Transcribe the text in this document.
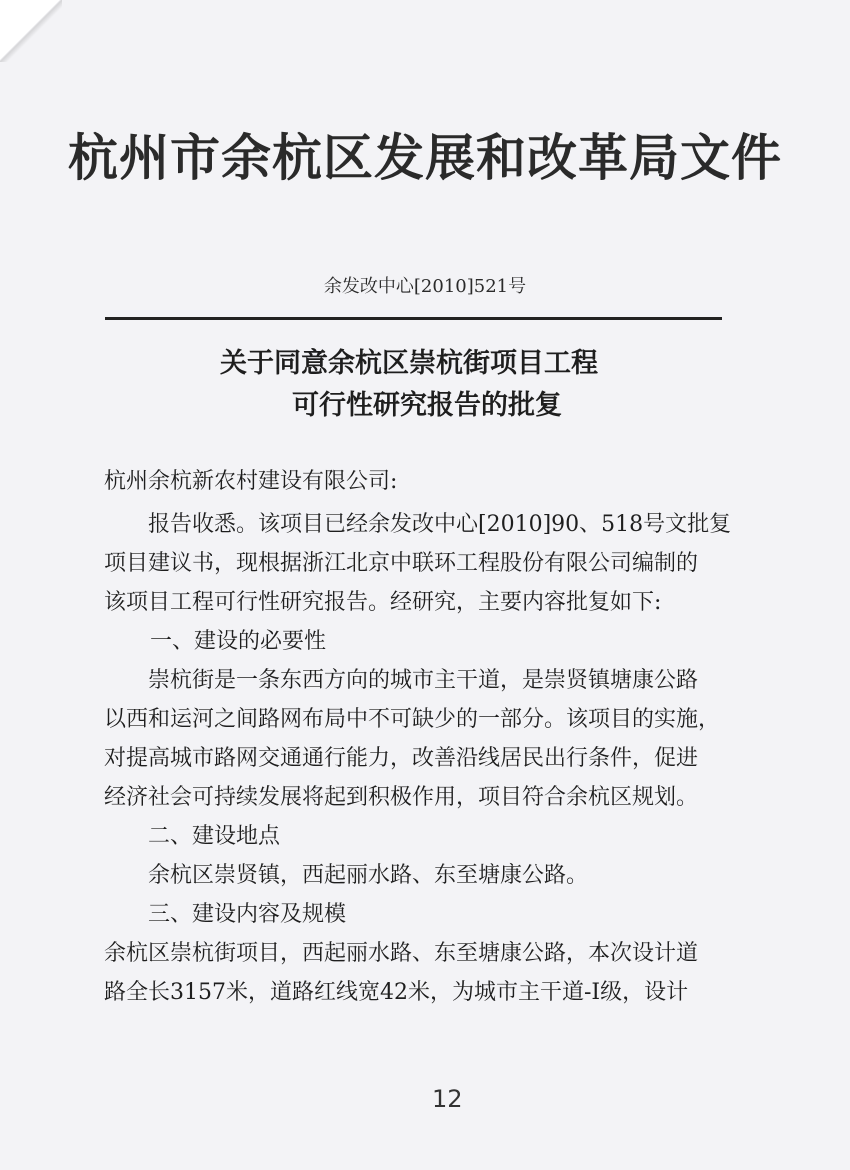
杭州市余杭区发展和改革局文件
余发改中心[2010]521号
关于同意余杭区崇杭街项目工程
可行性研究报告的批复
杭州余杭新农村建设有限公司:
报告收悉。该项目已经余发改中心[2010]90、518号文批复
项目建议书，现根据浙江北京中联环工程股份有限公司编制的
该项目工程可行性研究报告。经研究，主要内容批复如下:
一、建设的必要性
崇杭街是一条东西方向的城市主干道，是崇贤镇塘康公路
以西和运河之间路网布局中不可缺少的一部分。该项目的实施，
对提高城市路网交通通行能力，改善沿线居民出行条件，促进
经济社会可持续发展将起到积极作用，项目符合余杭区规划。
二、建设地点
余杭区崇贤镇，西起丽水路、东至塘康公路。
三、建设内容及规模
余杭区崇杭街项目，西起丽水路、东至塘康公路，本次设计道
路全长3157米，道路红线宽42米，为城市主干道-I级，设计
12
